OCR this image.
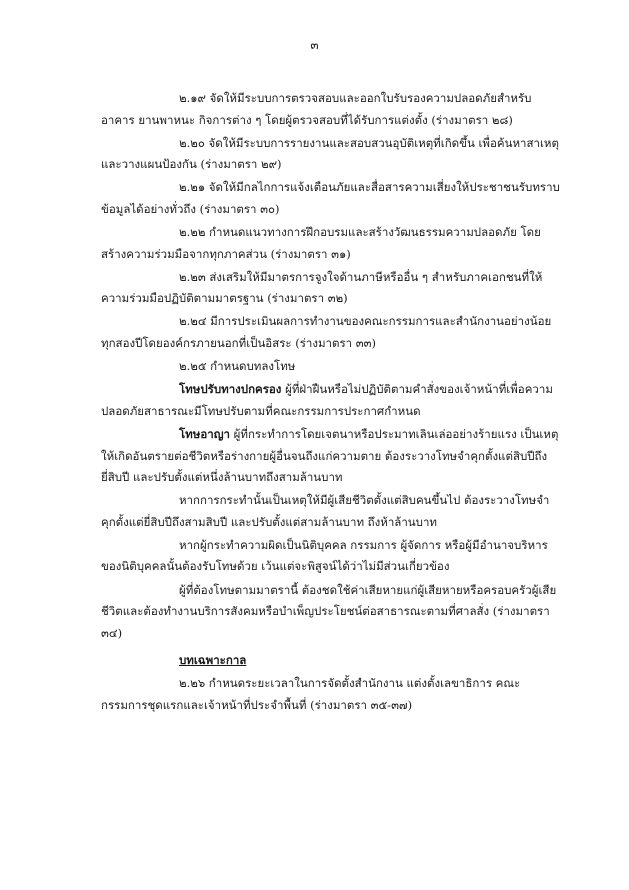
๓

๒.๑๙ จัดให้มีระบบการตรวจสอบและออกใบรับรองความปลอดภัยสำหรับอาคาร ยานพาหนะ กิจการต่าง ๆ โดยผู้ตรวจสอบที่ได้รับการแต่งตั้ง (ร่างมาตรา ๒๘)

๒.๒๐ จัดให้มีระบบการรายงานและสอบสวนอุบัติเหตุที่เกิดขึ้น เพื่อค้นหาสาเหตุและวางแผนป้องกัน (ร่างมาตรา ๒๙)

๒.๒๑ จัดให้มีกลไกการแจ้งเตือนภัยและสื่อสารความเสี่ยงให้ประชาชนรับทราบข้อมูลได้อย่างทั่วถึง (ร่างมาตรา ๓๐)

๒.๒๒ กำหนดแนวทางการฝึกอบรมและสร้างวัฒนธรรมความปลอดภัย โดยสร้างความร่วมมือจากทุกภาคส่วน (ร่างมาตรา ๓๑)

๒.๒๓ ส่งเสริมให้มีมาตรการจูงใจด้านภาษีหรืออื่น ๆ สำหรับภาคเอกชนที่ให้ความร่วมมือปฏิบัติตามมาตรฐาน (ร่างมาตรา ๓๒)

๒.๒๔ มีการประเมินผลการทำงานของคณะกรรมการและสำนักงานอย่างน้อยทุกสองปีโดยองค์กรภายนอกที่เป็นอิสระ (ร่างมาตรา ๓๓)

๒.๒๕ กำหนดบทลงโทษ

โทษปรับทางปกครอง ผู้ที่ฝ่าฝืนหรือไม่ปฏิบัติตามคำสั่งของเจ้าหน้าที่เพื่อความปลอดภัยสาธารณะมีโทษปรับตามที่คณะกรรมการประกาศกำหนด

โทษอาญา ผู้ที่กระทำการโดยเจตนาหรือประมาทเลินเล่ออย่างร้ายแรง เป็นเหตุให้เกิดอันตรายต่อชีวิตหรือร่างกายผู้อื่นจนถึงแก่ความตาย ต้องระวางโทษจำคุกตั้งแต่สิบปีถึงยี่สิบปี และปรับตั้งแต่หนึ่งล้านบาทถึงสามล้านบาท

หากการกระทำนั้นเป็นเหตุให้มีผู้เสียชีวิตตั้งแต่สิบคนขึ้นไป ต้องระวางโทษจำคุกตั้งแต่ยี่สิบปีถึงสามสิบปี และปรับตั้งแต่สามล้านบาท ถึงห้าล้านบาท

หากผู้กระทำความผิดเป็นนิติบุคคล กรรมการ ผู้จัดการ หรือผู้มีอำนาจบริหารของนิติบุคคลนั้นต้องรับโทษด้วย เว้นแต่จะพิสูจน์ได้ว่าไม่มีส่วนเกี่ยวข้อง

ผู้ที่ต้องโทษตามมาตรานี้ ต้องชดใช้ค่าเสียหายแก่ผู้เสียหายหรือครอบครัวผู้เสียชีวิตและต้องทำงานบริการสังคมหรือบำเพ็ญประโยชน์ต่อสาธารณะตามที่ศาลสั่ง (ร่างมาตรา ๓๔)

บทเฉพาะกาล

๒.๒๖ กำหนดระยะเวลาในการจัดตั้งสำนักงาน แต่งตั้งเลขาธิการ คณะกรรมการชุดแรกและเจ้าหน้าที่ประจำพื้นที่ (ร่างมาตรา ๓๕-๓๗)
